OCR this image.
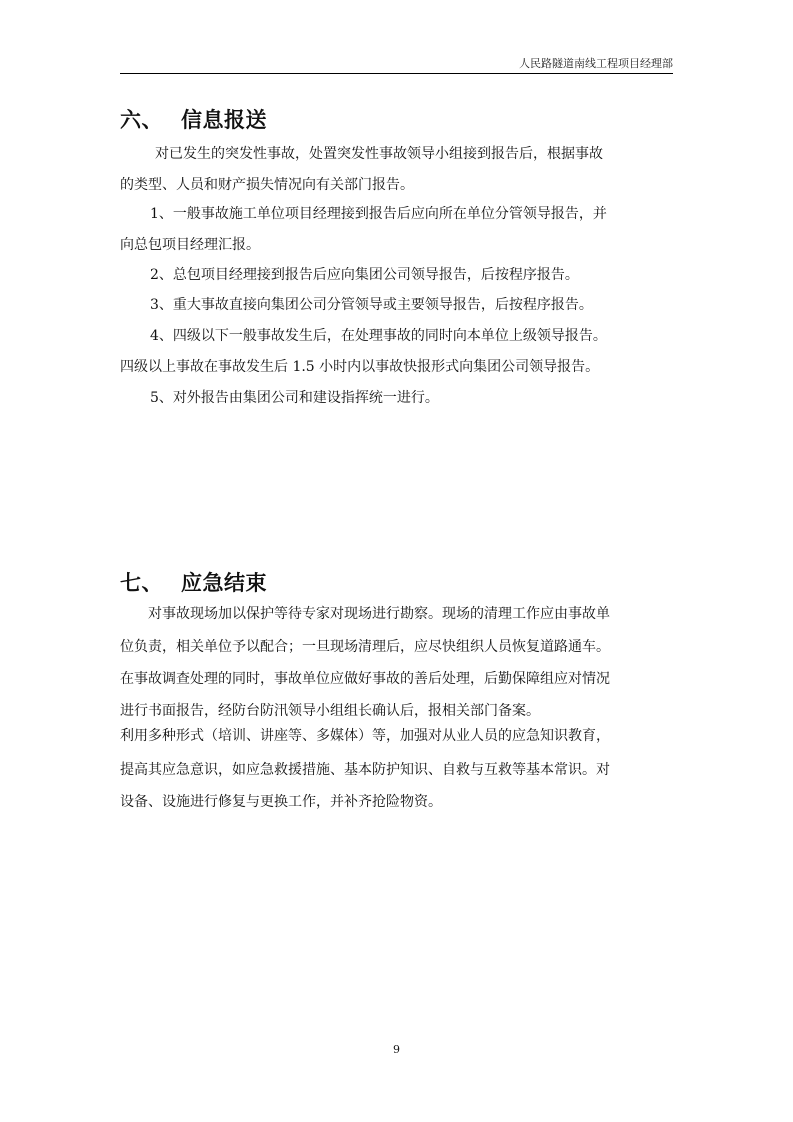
人民路隧道南线工程项目经理部
六、 信息报送
对已发生的突发性事故，处置突发性事故领导小组接到报告后，根据事故
的类型、人员和财产损失情况向有关部门报告。
1、一般事故施工单位项目经理接到报告后应向所在单位分管领导报告，并
向总包项目经理汇报。
2、总包项目经理接到报告后应向集团公司领导报告，后按程序报告。
3、重大事故直接向集团公司分管领导或主要领导报告，后按程序报告。
4、四级以下一般事故发生后，在处理事故的同时向本单位上级领导报告。
四级以上事故在事故发生后 1.5 小时内以事故快报形式向集团公司领导报告。
5、对外报告由集团公司和建设指挥统一进行。
七、 应急结束
对事故现场加以保护等待专家对现场进行勘察。现场的清理工作应由事故单
位负责，相关单位予以配合；一旦现场清理后，应尽快组织人员恢复道路通车。
在事故调查处理的同时，事故单位应做好事故的善后处理，后勤保障组应对情况
进行书面报告，经防台防汛领导小组组长确认后，报相关部门备案。
利用多种形式（培训、讲座等、多媒体）等，加强对从业人员的应急知识教育，
提高其应急意识，如应急救援措施、基本防护知识、自救与互救等基本常识。对
设备、设施进行修复与更换工作，并补齐抢险物资。
9
